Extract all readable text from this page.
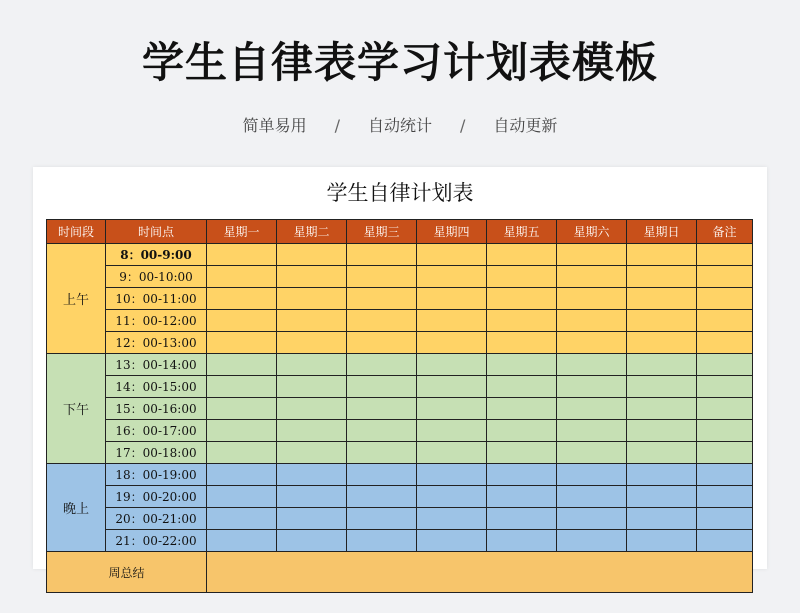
学生自律表学习计划表模板
简单易用 / 自动统计 / 自动更新
学生自律计划表
时间段	时间点	星期一	星期二	星期三	星期四	星期五	星期六	星期日	备注
上午	8：00-9:00								
	9：00-10:00								
	10：00-11:00								
	11：00-12:00								
	12：00-13:00								
下午	13：00-14:00								
	14：00-15:00								
	15：00-16:00								
	16：00-17:00								
	17：00-18:00								
晚上	18：00-19:00								
	19：00-20:00								
	20：00-21:00								
	21：00-22:00								
周总结									
